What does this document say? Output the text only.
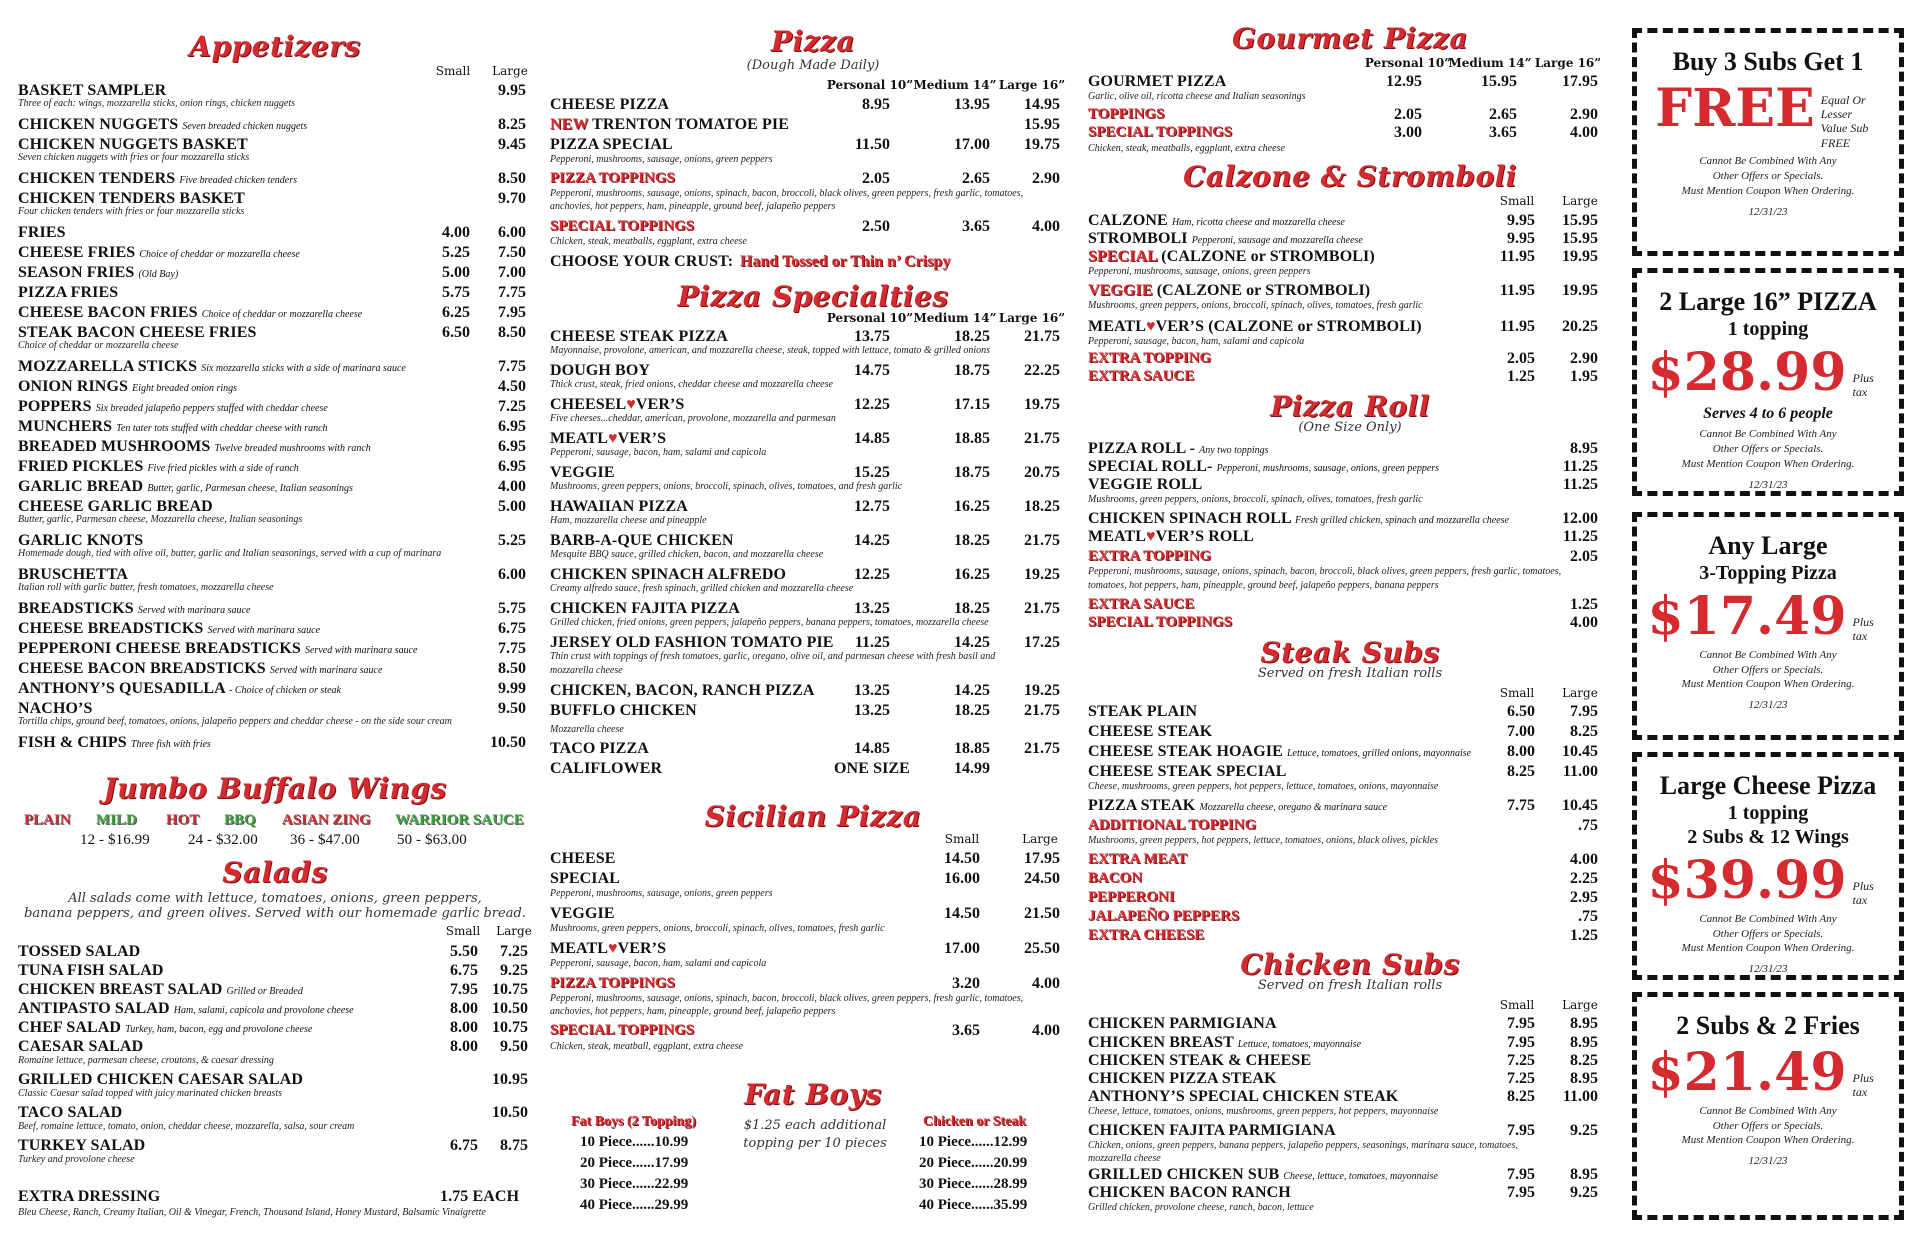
Appetizers
Small	Large
BASKET SAMPLER	9.95
Three of each: wings, mozzarella sticks, onion rings, chicken nuggets
CHICKEN NUGGETS Seven breaded chicken nuggets	8.25
CHICKEN NUGGETS BASKET	9.45
Seven chicken nuggets with fries or four mozzarella sticks
CHICKEN TENDERS Five breaded chicken tenders	8.50
CHICKEN TENDERS BASKET	9.70
Four chicken tenders with fries or four mozzarella sticks
FRIES	4.00	6.00
CHEESE FRIES Choice of cheddar or mozzarella cheese	5.25	7.50
SEASON FRIES (Old Bay)	5.00	7.00
PIZZA FRIES	5.75	7.75
CHEESE BACON FRIES Choice of cheddar or mozzarella cheese	6.25	7.95
STEAK BACON CHEESE FRIES	6.50	8.50
Choice of cheddar or mozzarella cheese
MOZZARELLA STICKS Six mozzarella sticks with a side of marinara sauce	7.75
ONION RINGS Eight breaded onion rings	4.50
POPPERS Six breaded jalapeño peppers stuffed with cheddar cheese	7.25
MUNCHERS Ten tater tots stuffed with cheddar cheese with ranch	6.95
BREADED MUSHROOMS Twelve breaded mushrooms with ranch	6.95
FRIED PICKLES Five fried pickles with a side of ranch	6.95
GARLIC BREAD Butter, garlic, Parmesan cheese, Italian seasonings	4.00
CHEESE GARLIC BREAD	5.00
Butter, garlic, Parmesan cheese, Mozzarella cheese, Italian seasonings
GARLIC KNOTS	5.25
Homemade dough, tied with olive oil, butter, garlic and Italian seasonings, served with a cup of marinara
BRUSCHETTA	6.00
Italian roll with garlic butter, fresh tomatoes, mozzarella cheese
BREADSTICKS Served with marinara sauce	5.75
CHEESE BREADSTICKS Served with marinara sauce	6.75
PEPPERONI CHEESE BREADSTICKS Served with marinara sauce	7.75
CHEESE BACON BREADSTICKS Served with marinara sauce	8.50
ANTHONY’S QUESADILLA - Choice of chicken or steak	9.99
NACHO’S	9.50
Tortilla chips, ground beef, tomatoes, onions, jalapeño peppers and cheddar cheese - on the side sour cream
FISH & CHIPS Three fish with fries	10.50
Jumbo Buffalo Wings
PLAIN MILD HOT BBQ ASIAN ZING WARRIOR SAUCE
12 - $16.99	24 - $32.00 36 - $47.00 50 - $63.00
Salads
All salads come with lettuce, tomatoes, onions, green peppers,
banana peppers, and green olives. Served with our homemade garlic bread.
Small	Large
TOSSED SALAD	5.50	7.25
TUNA FISH SALAD	6.75	9.25
CHICKEN BREAST SALAD Grilled or Breaded	7.95 10.75
ANTIPASTO SALAD Ham, salami, capicola and provolone cheese	8.00 10.50
CHEF SALAD Turkey, ham, bacon, egg and provolone cheese	8.00 10.75
CAESAR SALAD	8.00	9.50
Romaine lettuce, parmesan cheese, croutons, & caesar dressing
GRILLED CHICKEN CAESAR SALAD	10.95
Classic Caesar salad topped with juicy marinated chicken breasts
TACO SALAD	10.50
Beef, romaine lettuce, tomato, onion, cheddar cheese, mozzarella, salsa, sour cream
TURKEY SALAD	6.75	8.75
Turkey and provolone cheese
EXTRA DRESSING	1.75 EACH
Bleu Cheese, Ranch, Creamy Italian, Oil & Vinegar, French, Thousand Island, Honey Mustard, Balsamic Vinaigrette
Pizza
(Dough Made Daily)
Personal 10” Medium 14” Large 16”
CHEESE PIZZA	8.95	13.95	14.95
NEW TRENTON TOMATOE PIE	15.95
PIZZA SPECIAL	11.50	17.00	19.75
Pepperoni, mushrooms, sausage, onions, green peppers
PIZZA TOPPINGS	2.05	2.65	2.90
Pepperoni, mushrooms, sausage, onions, spinach, bacon, broccoli, black olives, green peppers, fresh garlic, tomatoes,
anchovies, hot peppers, ham, pineapple, ground beef, jalapeño peppers
SPECIAL TOPPINGS	2.50	3.65	4.00
Chicken, steak, meatballs, eggplant, extra cheese
CHOOSE YOUR CRUST: Hand Tossed or Thin n’ Crispy
Pizza Specialties
Personal 10” Medium 14” Large 16”
CHEESE STEAK PIZZA	13.75	18.25	21.75
Mayonnaise, provolone, american, and mozzarella cheese, steak, topped with lettuce, tomato & grilled onions
DOUGH BOY	14.75	18.75	22.25
Thick crust, steak, fried onions, cheddar cheese and mozzarella cheese
CHEESEL♥VER’S	12.25	17.15	19.75
Five cheeses...cheddar, american, provolone, mozzarella and parmesan
MEATL♥VER’S	14.85	18.85	21.75
Pepperoni, sausage, bacon, ham, salami and capicola
VEGGIE	15.25	18.75	20.75
Mushrooms, green peppers, onions, broccoli, spinach, olives, tomatoes, and fresh garlic
HAWAIIAN PIZZA	12.75	16.25	18.25
Ham, mozzarella cheese and pineapple
BARB-A-QUE CHICKEN	14.25	18.25	21.75
Mesquite BBQ sauce, grilled chicken, bacon, and mozzarella cheese
CHICKEN SPINACH ALFREDO	12.25	16.25	19.25
Creamy alfredo sauce, fresh spinach, grilled chicken and mozzarella cheese
CHICKEN FAJITA PIZZA	13.25	18.25	21.75
Grilled chicken, fried onions, green peppers, jalapeño peppers, banana peppers, tomatoes, mozzarella cheese
JERSEY OLD FASHION TOMATO PIE	11.25	14.25	17.25
Thin crust with toppings of fresh tomatoes, garlic, oregano, olive oil, and parmesan cheese with fresh basil and
mozzarella cheese
CHICKEN, BACON, RANCH PIZZA	13.25	14.25	19.25
BUFFLO CHICKEN	13.25	18.25	21.75
Mozzarella cheese
TACO PIZZA	14.85	18.85	21.75
CALIFLOWER	ONE SIZE	14.99
Sicilian Pizza
Small	Large
CHEESE	14.50	17.95
SPECIAL	16.00	24.50
Pepperoni, mushrooms, sausage, onions, green peppers
VEGGIE	14.50	21.50
Mushrooms, green peppers, onions, broccoli, spinach, olives, tomatoes, fresh garlic
MEATL♥VER’S	17.00	25.50
Pepperoni, sausage, bacon, ham, salami and capicola
PIZZA TOPPINGS	3.20	4.00
Pepperoni, mushrooms, sausage, onions, spinach, bacon, broccoli, black olives, green peppers, fresh garlic, tomatoes,
anchovies, hot peppers, ham, pineapple, ground beef, jalapeño peppers
SPECIAL TOPPINGS	3.65	4.00
Chicken, steak, meatball, eggplant, extra cheese
Fat Boys
Fat Boys (2 Topping)	Chicken or Steak
$1.25 each additional
topping per 10 pieces
10 Piece......10.99
20 Piece......17.99
30 Piece......22.99
40 Piece......29.99
10 Piece......12.99
20 Piece......20.99
30 Piece......28.99
40 Piece......35.99
Gourmet Pizza
Personal 10”
Medium 14” Large 16”
GOURMET PIZZA	12.95	15.95	17.95
Garlic, olive oil, ricotta cheese and Italian seasonings
TOPPINGS	2.05	2.65	2.90
SPECIAL TOPPINGS	3.00	3.65	4.00
Chicken, steak, meatballs, eggplant, extra cheese
Calzone & Stromboli
Small	Large
CALZONE Ham, ricotta cheese and mozzarella cheese	9.95	15.95
STROMBOLI Pepperoni, sausage and mozzarella cheese	9.95	15.95
SPECIAL (CALZONE or STROMBOLI)	11.95	19.95
Pepperoni, mushrooms, sausage, onions, green peppers
VEGGIE (CALZONE or STROMBOLI)	11.95	19.95
Mushrooms, green peppers, onions, broccoli, spinach, olives, tomatoes, fresh garlic
MEATL♥VER’S (CALZONE or STROMBOLI)	11.95	20.25
Pepperoni, sausage, bacon, ham, salami and capicola
EXTRA TOPPING	2.05	2.90
EXTRA SAUCE	1.25	1.95
Pizza Roll
(One Size Only)
PIZZA ROLL - Any two toppings	8.95
SPECIAL ROLL- Pepperoni, mushrooms, sausage, onions, green peppers	11.25
VEGGIE ROLL	11.25
Mushrooms, green peppers, onions, broccoli, spinach, olives, tomatoes, fresh garlic
CHICKEN SPINACH ROLL Fresh grilled chicken, spinach and mozzarella cheese	12.00
MEATL♥VER’S ROLL	11.25
EXTRA TOPPING	2.05
Pepperoni, mushrooms, sausage, onions, spinach, bacon, broccoli, black olives, green peppers, fresh garlic, tomatoes,
tomatoes, hot peppers, ham, pineapple, ground beef, jalapeño peppers, banana peppers
EXTRA SAUCE	1.25
SPECIAL TOPPINGS	4.00
Steak Subs
Served on fresh Italian rolls
Small	Large
STEAK PLAIN	6.50	7.95
CHEESE STEAK	7.00	8.25
CHEESE STEAK HOAGIE Lettuce, tomatoes, grilled onions, mayonnaise	8.00	10.45
CHEESE STEAK SPECIAL	8.25	11.00
Cheese, mushrooms, green peppers, hot peppers, lettuce, tomatoes, onions, mayonnaise
PIZZA STEAK Mozzarella cheese, oregano & marinara sauce	7.75	10.45
ADDITIONAL TOPPING	.75
Mushrooms, green peppers, hot peppers, lettuce, tomatoes, onions, black olives, pickles
EXTRA MEAT	4.00
BACON	2.25
PEPPERONI	2.95
JALAPEÑO PEPPERS	.75
EXTRA CHEESE	1.25
Chicken Subs
Served on fresh Italian rolls
Small	Large
CHICKEN PARMIGIANA	7.95	8.95
CHICKEN BREAST Lettuce, tomatoes, mayonnaise	7.95	8.95
CHICKEN STEAK & CHEESE	7.25	8.25
CHICKEN PIZZA STEAK	7.25	8.95
ANTHONY’S SPECIAL CHICKEN STEAK	8.25	11.00
Cheese, lettuce, tomatoes, onions, mushrooms, green peppers, hot peppers, mayonnaise
CHICKEN FAJITA PARMIGIANA	7.95	9.25
Chicken, onions, green peppers, banana peppers, jalapeño peppers, seasonings, marinara sauce, tomatoes,
mozzarella cheese
GRILLED CHICKEN SUB Cheese, lettuce, tomatoes, mayonnaise	7.95	8.95
CHICKEN BACON RANCH	7.95	9.25
Grilled chicken, provolone cheese, ranch, bacon, lettuce
Buy 3 Subs Get 1
FREE Equal Or Lesser Value Sub FREE
Cannot Be Combined With Any
Other Offers or Specials.
Must Mention Coupon When Ordering.
12/31/23
2 Large 16” PIZZA
1 topping
$28.99 Plus tax
Serves 4 to 6 people
Cannot Be Combined With Any
Other Offers or Specials.
Must Mention Coupon When Ordering.
12/31/23
Any Large
3-Topping Pizza
$17.49 Plus tax
Cannot Be Combined With Any
Other Offers or Specials.
Must Mention Coupon When Ordering.
12/31/23
Large Cheese Pizza
1 topping
2 Subs & 12 Wings
$39.99 Plus tax
Cannot Be Combined With Any
Other Offers or Specials.
Must Mention Coupon When Ordering.
12/31/23
2 Subs & 2 Fries
$21.49 Plus tax
Cannot Be Combined With Any
Other Offers or Specials.
Must Mention Coupon When Ordering.
12/31/23
